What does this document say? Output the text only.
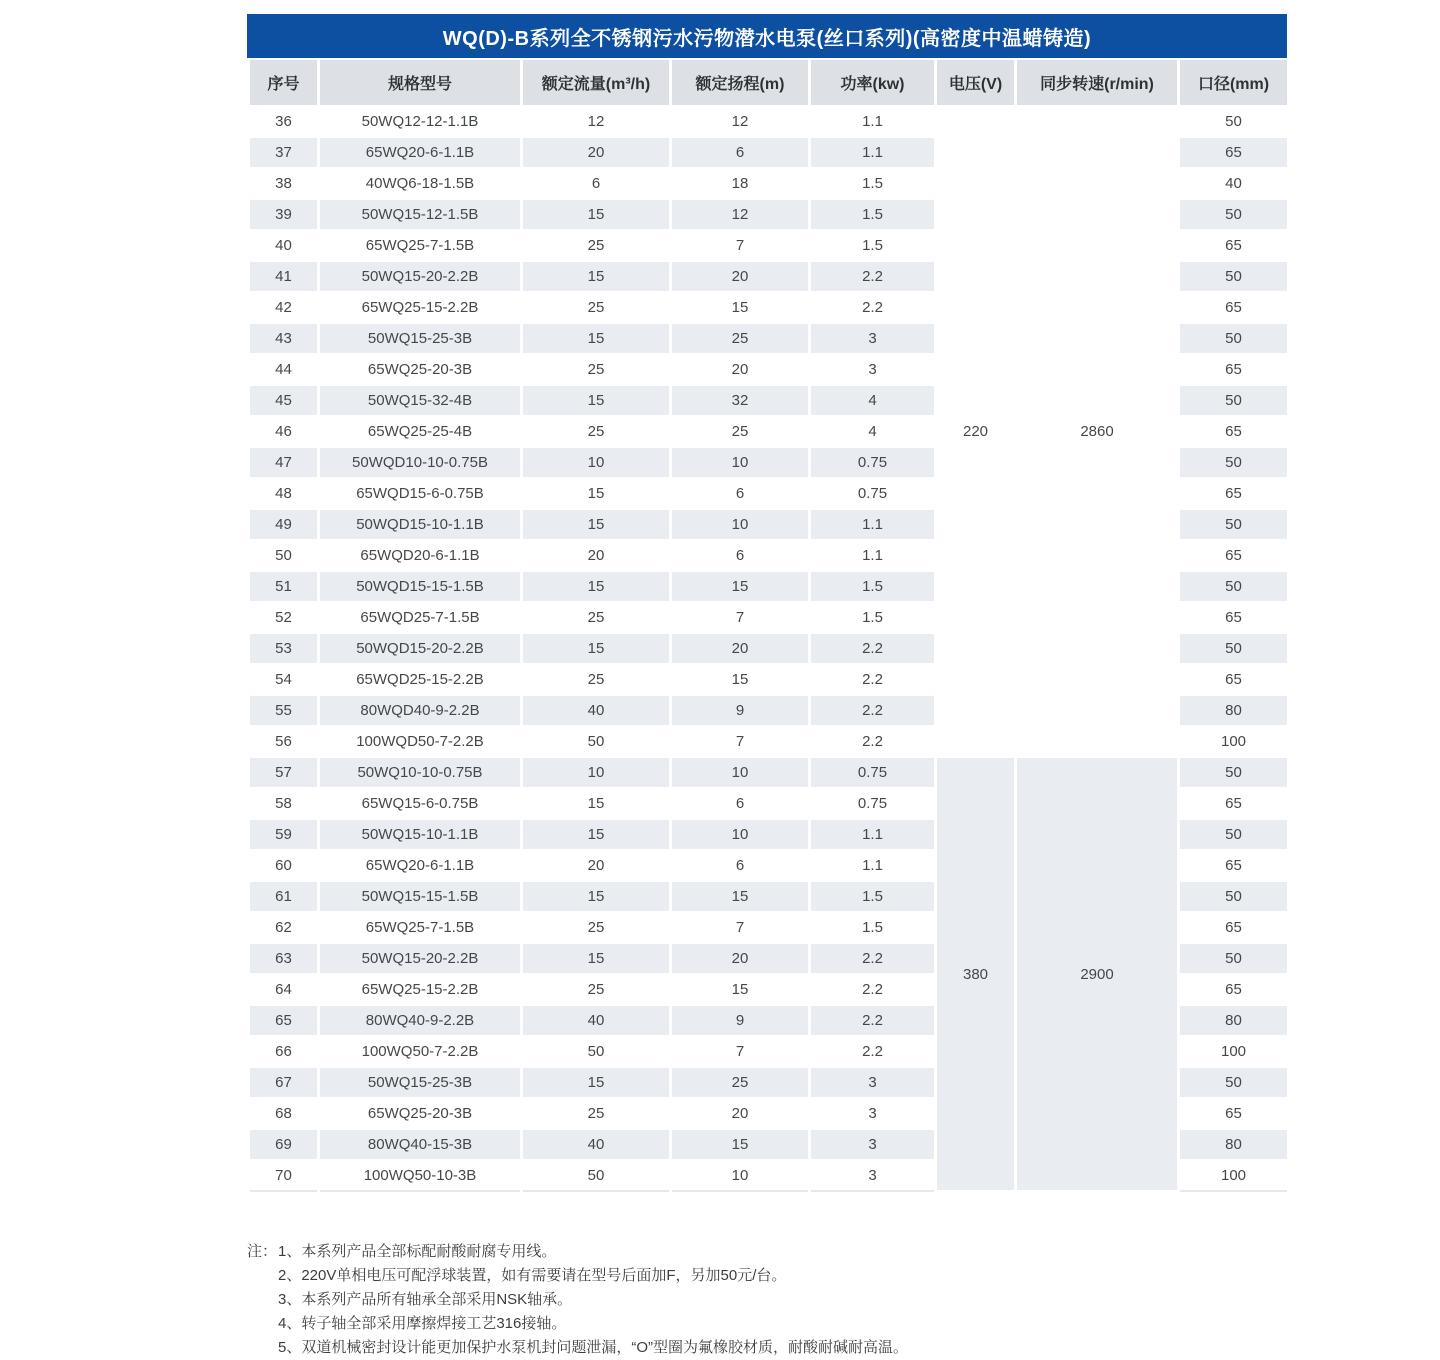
WQ(D)-B系列全不锈钢污水污物潜水电泵(丝口系列)(高密度中温蜡铸造)
序号	规格型号	额定流量(m³/h)	额定扬程(m)	功率(kw)	电压(V)	同步转速(r/min)	口径(mm)
36	50WQ12-12-1.1B	12	12	1.1	220	2860	50
37	65WQ20-6-1.1B	20	6	1.1			65
38	40WQ6-18-1.5B	6	18	1.5			40
39	50WQ15-12-1.5B	15	12	1.5			50
40	65WQ25-7-1.5B	25	7	1.5			65
41	50WQ15-20-2.2B	15	20	2.2			50
42	65WQ25-15-2.2B	25	15	2.2			65
43	50WQ15-25-3B	15	25	3			50
44	65WQ25-20-3B	25	20	3			65
45	50WQ15-32-4B	15	32	4			50
46	65WQ25-25-4B	25	25	4			65
47	50WQD10-10-0.75B	10	10	0.75			50
48	65WQD15-6-0.75B	15	6	0.75			65
49	50WQD15-10-1.1B	15	10	1.1			50
50	65WQD20-6-1.1B	20	6	1.1			65
51	50WQD15-15-1.5B	15	15	1.5			50
52	65WQD25-7-1.5B	25	7	1.5			65
53	50WQD15-20-2.2B	15	20	2.2			50
54	65WQD25-15-2.2B	25	15	2.2			65
55	80WQD40-9-2.2B	40	9	2.2			80
56	100WQD50-7-2.2B	50	7	2.2			100
57	50WQ10-10-0.75B	10	10	0.75	380	2900	50
58	65WQ15-6-0.75B	15	6	0.75			65
59	50WQ15-10-1.1B	15	10	1.1			50
60	65WQ20-6-1.1B	20	6	1.1			65
61	50WQ15-15-1.5B	15	15	1.5			50
62	65WQ25-7-1.5B	25	7	1.5			65
63	50WQ15-20-2.2B	15	20	2.2			50
64	65WQ25-15-2.2B	25	15	2.2			65
65	80WQ40-9-2.2B	40	9	2.2			80
66	100WQ50-7-2.2B	50	7	2.2			100
67	50WQ15-25-3B	15	25	3			50
68	65WQ25-20-3B	25	20	3			65
69	80WQ40-15-3B	40	15	3			80
70	100WQ50-10-3B	50	10	3			100
注： 1、本系列产品全部标配耐酸耐腐专用线。
2、220V单相电压可配浮球装置，如有需要请在型号后面加F，另加50元/台。
3、本系列产品所有轴承全部采用NSK轴承。
4、转子轴全部采用摩擦焊接工艺316接轴。
5、双道机械密封设计能更加保护水泵机封问题泄漏，“O”型圈为氟橡胶材质，耐酸耐碱耐高温。
